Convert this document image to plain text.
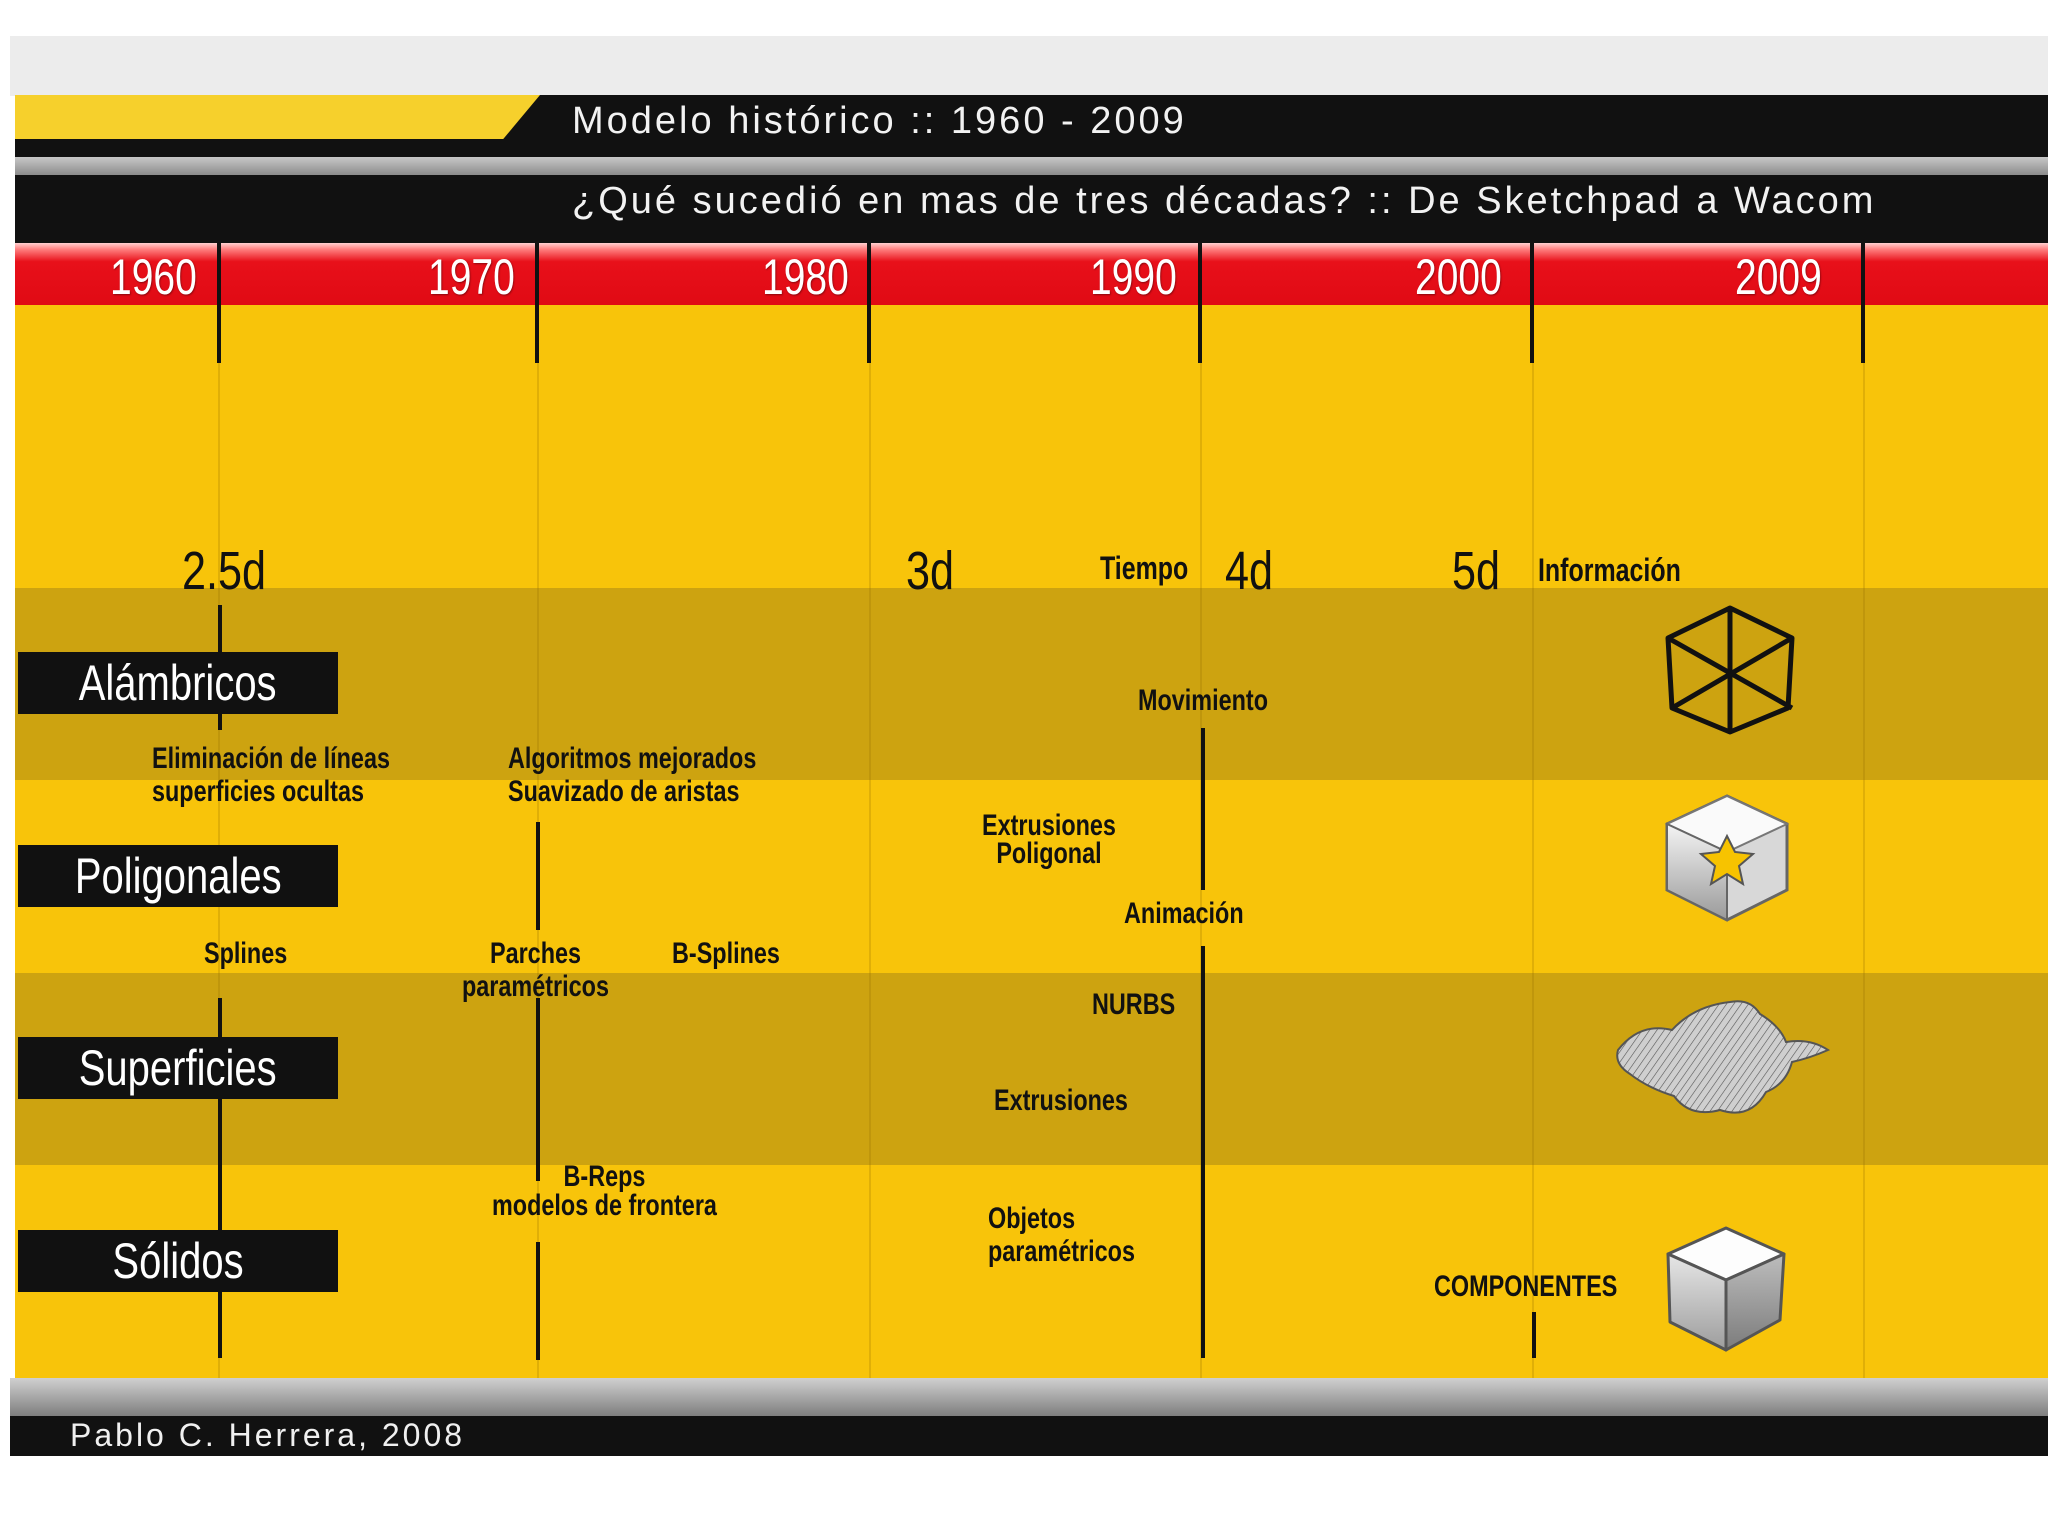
Modelo histórico :: 1960 - 2009
¿Qué sucedió en mas de tres décadas? :: De Sketchpad a Wacom
1960	1970	1980	1990	2000	2009
2.5d	3d	Tiempo 4d	5d Información
Alámbricos
Poligonales
Superficies
Sólidos
Eliminación de líneas
superficies ocultas
Algoritmos mejorados
Suavizado de aristas
Movimiento
Extrusiones
Poligonal
Animación
Splines	Parches
paramétricos
B-Splines
NURBS
Extrusiones
B-Reps
modelos de frontera	Objetos
paramétricos
COMPONENTES
Pablo C. Herrera, 2008
